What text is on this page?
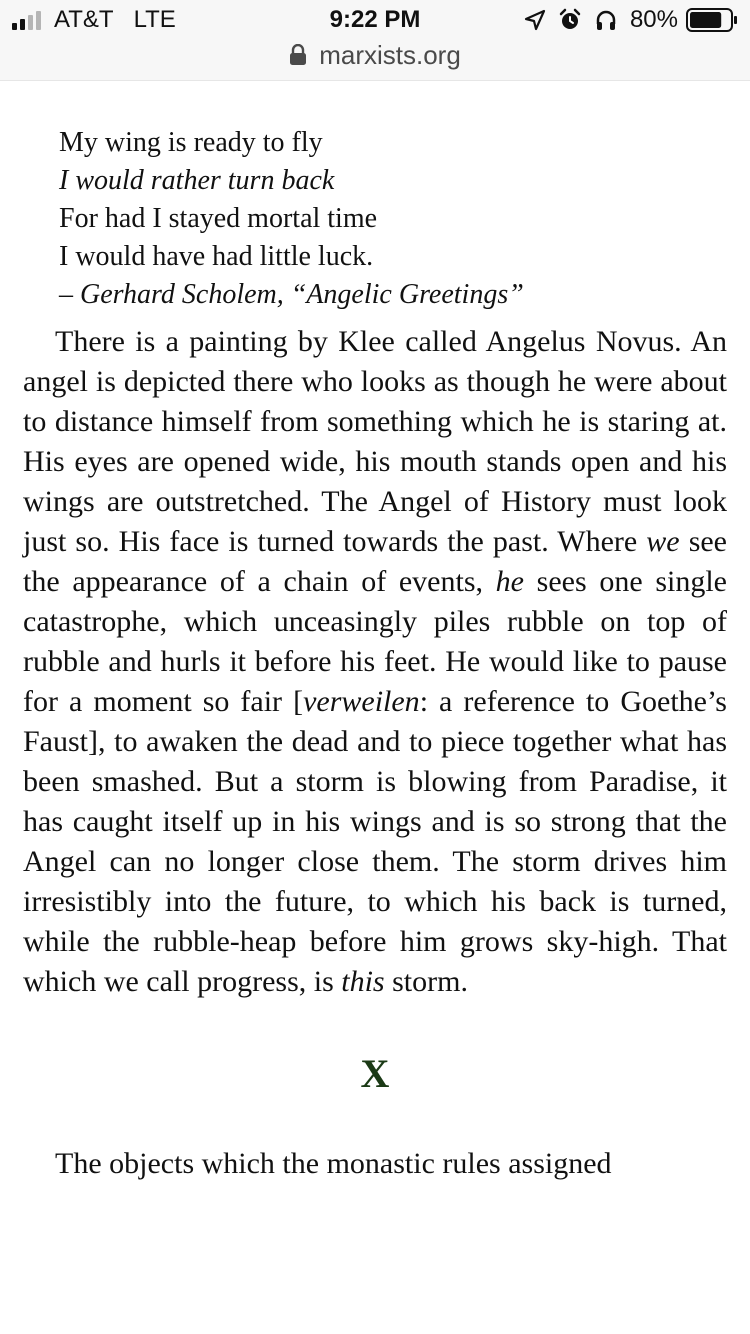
AT&T LTE	9:22 PM	80%
marxists.org
My wing is ready to fly
I would rather turn back
For had I stayed mortal time
I would have had little luck.
– Gerhard Scholem, “Angelic Greetings”

There is a painting by Klee called Angelus Novus. An angel is depicted there who looks as though he were about to distance himself from something which he is staring at. His eyes are opened wide, his mouth stands open and his wings are outstretched. The Angel of History must look just so. His face is turned towards the past. Where we see the appearance of a chain of events, he sees one single catastrophe, which unceasingly piles rubble on top of rubble and hurls it before his feet. He would like to pause for a moment so fair [verweilen: a reference to Goethe’s Faust], to awaken the dead and to piece together what has been smashed. But a storm is blowing from Paradise, it has caught itself up in his wings and is so strong that the Angel can no longer close them. The storm drives him irresistibly into the future, to which his back is turned, while the rubble-heap before him grows sky-high. That which we call progress, is this storm.

X

The objects which the monastic rules assigned
